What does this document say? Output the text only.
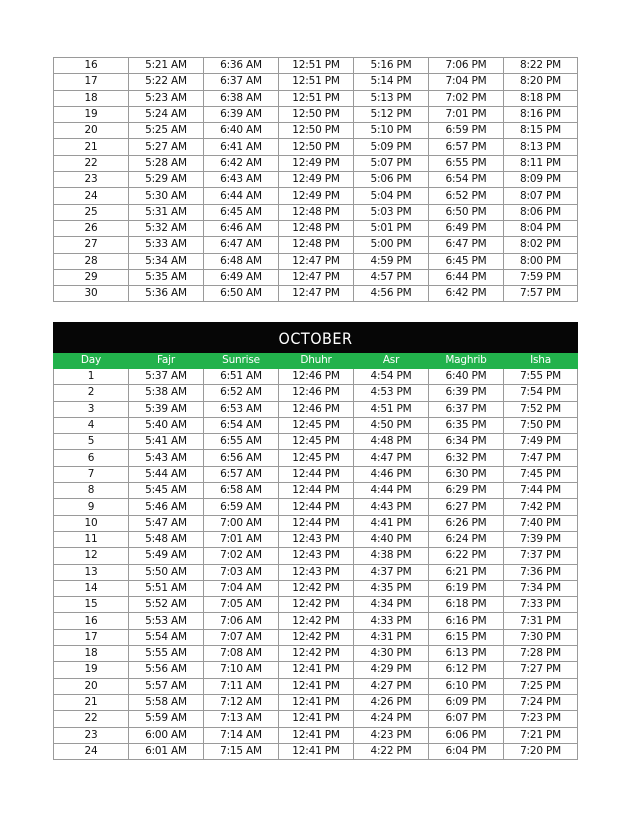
16	5:21 AM	6:36 AM	12:51 PM	5:16 PM	7:06 PM	8:22 PM
17	5:22 AM	6:37 AM	12:51 PM	5:14 PM	7:04 PM	8:20 PM
18	5:23 AM	6:38 AM	12:51 PM	5:13 PM	7:02 PM	8:18 PM
19	5:24 AM	6:39 AM	12:50 PM	5:12 PM	7:01 PM	8:16 PM
20	5:25 AM	6:40 AM	12:50 PM	5:10 PM	6:59 PM	8:15 PM
21	5:27 AM	6:41 AM	12:50 PM	5:09 PM	6:57 PM	8:13 PM
22	5:28 AM	6:42 AM	12:49 PM	5:07 PM	6:55 PM	8:11 PM
23	5:29 AM	6:43 AM	12:49 PM	5:06 PM	6:54 PM	8:09 PM
24	5:30 AM	6:44 AM	12:49 PM	5:04 PM	6:52 PM	8:07 PM
25	5:31 AM	6:45 AM	12:48 PM	5:03 PM	6:50 PM	8:06 PM
26	5:32 AM	6:46 AM	12:48 PM	5:01 PM	6:49 PM	8:04 PM
27	5:33 AM	6:47 AM	12:48 PM	5:00 PM	6:47 PM	8:02 PM
28	5:34 AM	6:48 AM	12:47 PM	4:59 PM	6:45 PM	8:00 PM
29	5:35 AM	6:49 AM	12:47 PM	4:57 PM	6:44 PM	7:59 PM
30	5:36 AM	6:50 AM	12:47 PM	4:56 PM	6:42 PM	7:57 PM
OCTOBER						
Day	Fajr	Sunrise	Dhuhr	Asr	Maghrib	Isha
1	5:37 AM	6:51 AM	12:46 PM	4:54 PM	6:40 PM	7:55 PM
2	5:38 AM	6:52 AM	12:46 PM	4:53 PM	6:39 PM	7:54 PM
3	5:39 AM	6:53 AM	12:46 PM	4:51 PM	6:37 PM	7:52 PM
4	5:40 AM	6:54 AM	12:45 PM	4:50 PM	6:35 PM	7:50 PM
5	5:41 AM	6:55 AM	12:45 PM	4:48 PM	6:34 PM	7:49 PM
6	5:43 AM	6:56 AM	12:45 PM	4:47 PM	6:32 PM	7:47 PM
7	5:44 AM	6:57 AM	12:44 PM	4:46 PM	6:30 PM	7:45 PM
8	5:45 AM	6:58 AM	12:44 PM	4:44 PM	6:29 PM	7:44 PM
9	5:46 AM	6:59 AM	12:44 PM	4:43 PM	6:27 PM	7:42 PM
10	5:47 AM	7:00 AM	12:44 PM	4:41 PM	6:26 PM	7:40 PM
11	5:48 AM	7:01 AM	12:43 PM	4:40 PM	6:24 PM	7:39 PM
12	5:49 AM	7:02 AM	12:43 PM	4:38 PM	6:22 PM	7:37 PM
13	5:50 AM	7:03 AM	12:43 PM	4:37 PM	6:21 PM	7:36 PM
14	5:51 AM	7:04 AM	12:42 PM	4:35 PM	6:19 PM	7:34 PM
15	5:52 AM	7:05 AM	12:42 PM	4:34 PM	6:18 PM	7:33 PM
16	5:53 AM	7:06 AM	12:42 PM	4:33 PM	6:16 PM	7:31 PM
17	5:54 AM	7:07 AM	12:42 PM	4:31 PM	6:15 PM	7:30 PM
18	5:55 AM	7:08 AM	12:42 PM	4:30 PM	6:13 PM	7:28 PM
19	5:56 AM	7:10 AM	12:41 PM	4:29 PM	6:12 PM	7:27 PM
20	5:57 AM	7:11 AM	12:41 PM	4:27 PM	6:10 PM	7:25 PM
21	5:58 AM	7:12 AM	12:41 PM	4:26 PM	6:09 PM	7:24 PM
22	5:59 AM	7:13 AM	12:41 PM	4:24 PM	6:07 PM	7:23 PM
23	6:00 AM	7:14 AM	12:41 PM	4:23 PM	6:06 PM	7:21 PM
24	6:01 AM	7:15 AM	12:41 PM	4:22 PM	6:04 PM	7:20 PM
